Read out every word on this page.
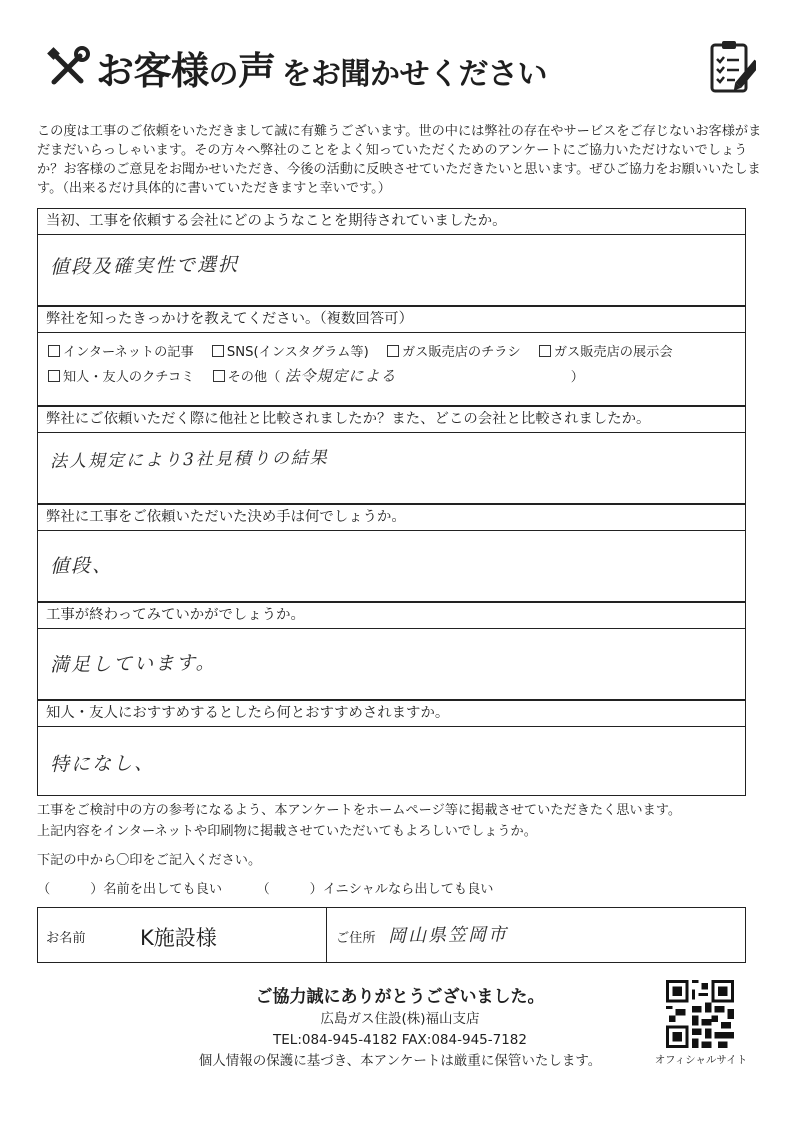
お客様の声 をお聞かせください
この度は工事のご依頼をいただきまして誠に有難うございます。世の中には弊社の存在やサービスをご存じないお客様がまだまだいらっしゃいます。その方々へ弊社のことをよく知っていただくためのアンケートにご協力いただけないでしょうか？お客様のご意見をお聞かせいただき、今後の活動に反映させていただきたいと思います。ぜひご協力をお願いいたします。（出来るだけ具体的に書いていただきますと幸いです。）
当初、工事を依頼する会社にどのようなことを期待されていましたか。
値段及確実性で選択
弊社を知ったきっかけを教えてください。（複数回答可）
インターネットの記事	SNS(インスタグラム等)	ガス販売店のチラシ	ガス販売店の展示会
知人・友人のクチコミ	その他（ 法令規定による	）
弊社にご依頼いただく際に他社と比較されましたか？また、どこの会社と比較されましたか。
法人規定により3社見積りの結果
弊社に工事をご依頼いただいた決め手は何でしょうか。
値段、
工事が終わってみていかがでしょうか。
満足しています。
知人・友人におすすめするとしたら何とおすすめされますか。
特になし、
工事をご検討中の方の参考になるよう、本アンケートをホームページ等に掲載させていただきたく思います。
上記内容をインターネットや印刷物に掲載させていただいてもよろしいでしょうか。
下記の中から〇印をご記入ください。
（	）名前を出しても良い	（	）イニシャルなら出しても良い
お名前	K施設様	ご住所 岡山県笠岡市
ご協力誠にありがとうございました。
広島ガス住設(株)福山支店
TEL:084-945-4182 FAX:084-945-7182
個人情報の保護に基づき、本アンケートは厳重に保管いたします。	オフィシャルサイト
